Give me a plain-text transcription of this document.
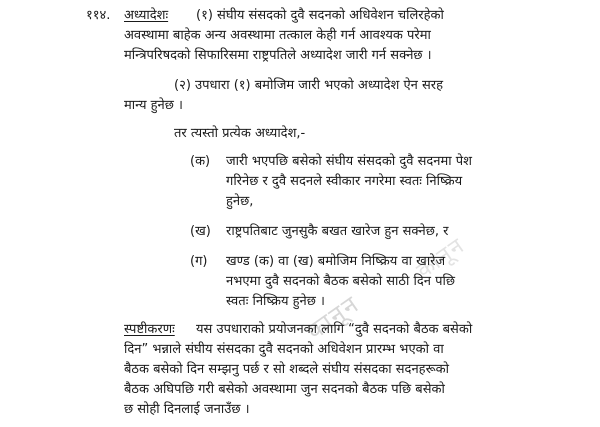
कानून
कानून
११४. अध्यादेशः (१) संघीय संसदको दुवै सदनको अधिवेशन चलिरहेको
अवस्थामा बाहेक अन्य अवस्थामा तत्काल केही गर्न आवश्यक परेमा
मन्त्रिपरिषदको सिफारिसमा राष्ट्रपतिले अध्यादेश जारी गर्न सक्नेछ ।
(२) उपधारा (१) बमोजिम जारी भएको अध्यादेश ऐन सरह
मान्य हुनेछ ।
तर त्यस्तो प्रत्येक अध्यादेश,-
(क) जारी भएपछि बसेको संघीय संसदको दुवै सदनमा पेश
गरिनेछ र दुवै सदनले स्वीकार नगरेमा स्वतः निष्क्रिय
हुनेछ,
(ख) राष्ट्रपतिबाट जुनसुकै बखत खारेज हुन सक्नेछ, र
(ग) खण्ड (क) वा (ख) बमोजिम निष्क्रिय वा खारेज
नभएमा दुवै सदनको बैठक बसेको साठी दिन पछि
स्वतः निष्क्रिय हुनेछ ।
स्पष्टीकरणः यस उपधाराको प्रयोजनका लागि “दुवै सदनको बैठक बसेको
दिन” भन्नाले संघीय संसदका दुवै सदनको अधिवेशन प्रारम्भ भएको वा
बैठक बसेको दिन सम्झनु पर्छ र सो शब्दले संघीय संसदका सदनहरूको
बैठक अघिपछि गरी बसेको अवस्थामा जुन सदनको बैठक पछि बसेको
छ सोही दिनलाई जनाउँछ ।
